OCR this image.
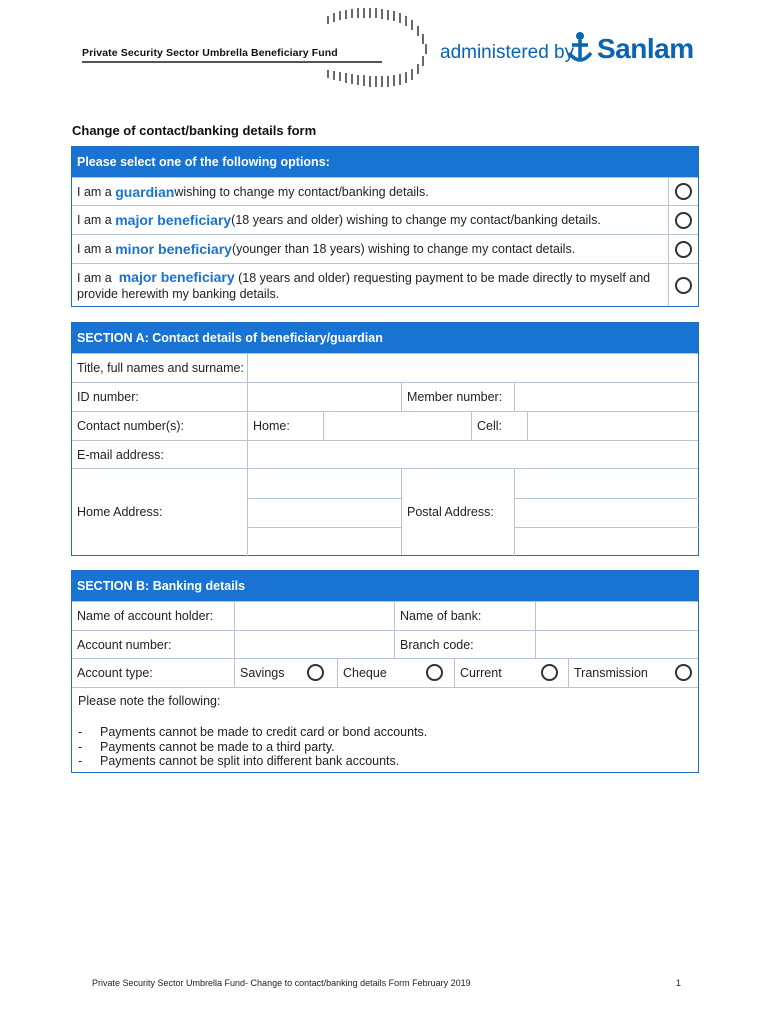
Private Security Sector Umbrella Beneficiary Fund	administered by Sanlam
Change of contact/banking details form
Please select one of the following options:
I am a
guardian wishing to change my contact/banking details.
I am a
major beneficiary (18 years and older) wishing to change my contact/banking details.
I am a
minor beneficiary (younger than 18 years) wishing to change my contact details.
I am a  major beneficiary (18 years and older) requesting payment to be made directly to myself and provide herewith my banking details.
SECTION A: Contact details of beneficiary/guardian
Title, full names and surname:
ID number:	Member number:
Contact number(s):	Home:	Cell:
E-mail address:
Home Address:	Postal Address:
SECTION B: Banking details
Name of account holder:	Name of bank:
Account number:	Branch code:
Account type:	Savings	Cheque	Current	Transmission
Please note the following:
- Payments cannot be made to credit card or bond accounts.
- Payments cannot be made to a third party.
- Payments cannot be split into different bank accounts.
Private Security Sector Umbrella Fund- Change to contact/banking details Form February 2019	1
